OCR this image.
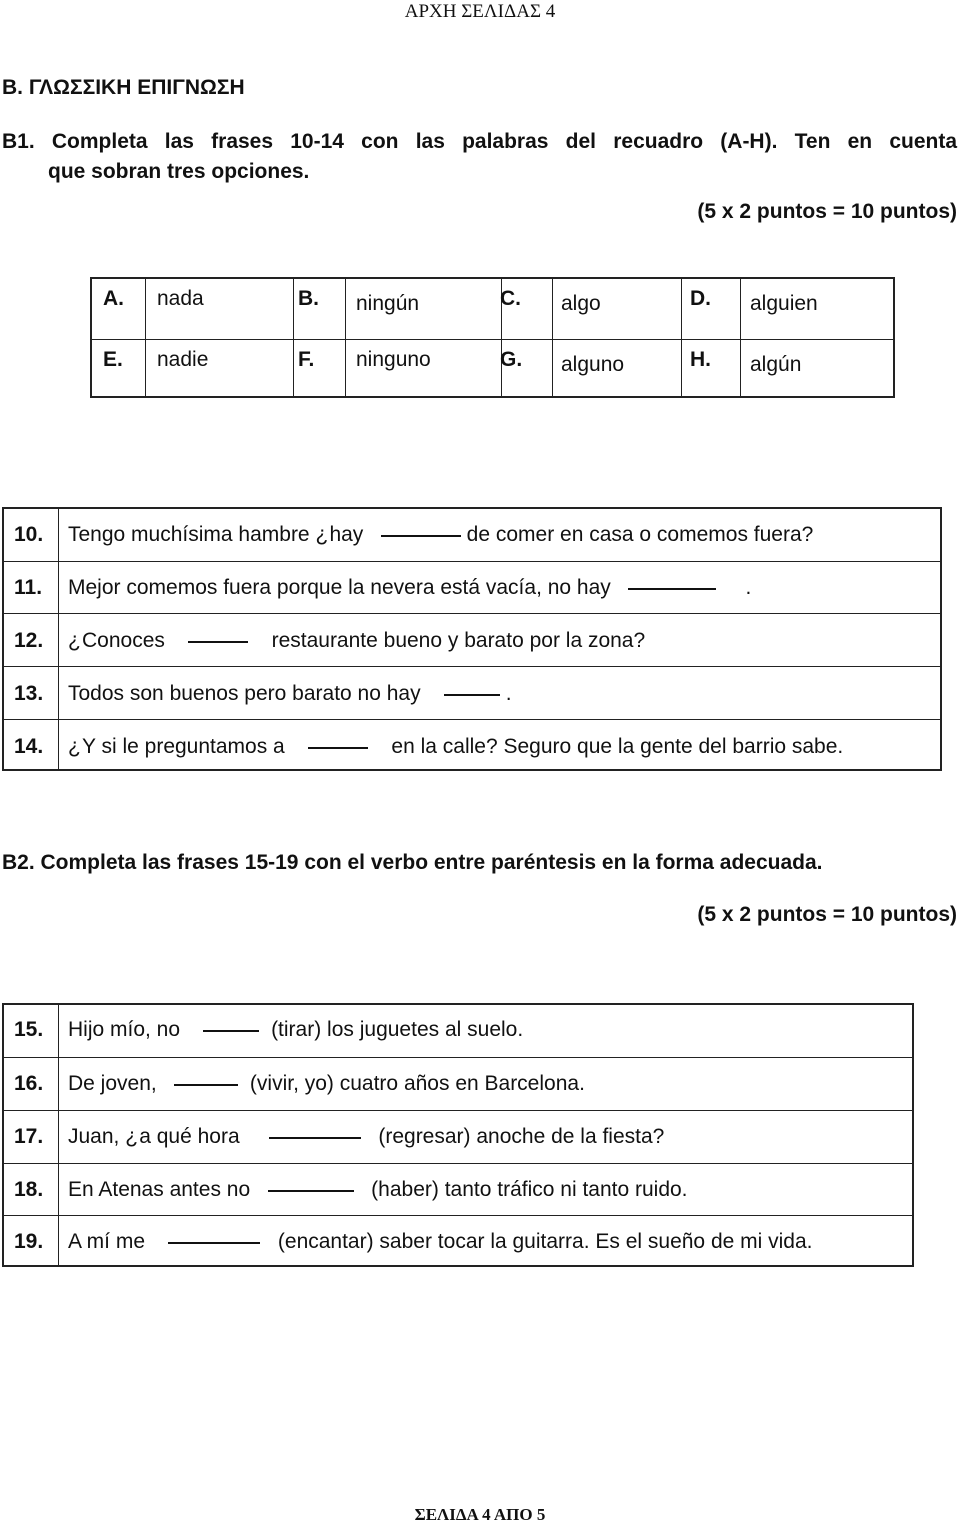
ΑΡΧΗ ΣΕΛΙΔΑΣ 4
ΣΕΛΙΔΑ 4 ΑΠΟ 5
B. ΓΛΩΣΣΙΚΗ ΕΠΙΓΝΩΣΗ
B1. Completa las frases 10-14 con las palabras del recuadro (A-H). Ten en cuenta
que sobran tres opciones.
(5 x 2 puntos = 10 puntos)
A. nada	B. ningún	C. algo	D. alguien
E. nadie	F. ninguno	G. alguno	H. algún
10. Tengo muchísima hambre ¿hay	de comer en casa o comemos fuera?
11. Mejor comemos fuera porque la nevera está vacía, no hay	.
12. ¿Conoces	restaurante bueno y barato por la zona?
13. Todos son buenos pero barato no hay	.
14. ¿Y si le preguntamos a	en la calle? Seguro que la gente del barrio sabe.
B2. Completa las frases 15-19 con el verbo entre paréntesis en la forma adecuada.
(5 x 2 puntos = 10 puntos)
15. Hijo mío, no	(tirar) los juguetes al suelo.
16. De joven,	(vivir, yo) cuatro años en Barcelona.
17. Juan, ¿a qué hora	(regresar) anoche de la fiesta?
18. En Atenas antes no	(haber) tanto tráfico ni tanto ruido.
19. A mí me	(encantar) saber tocar la guitarra. Es el sueño de mi vida.
